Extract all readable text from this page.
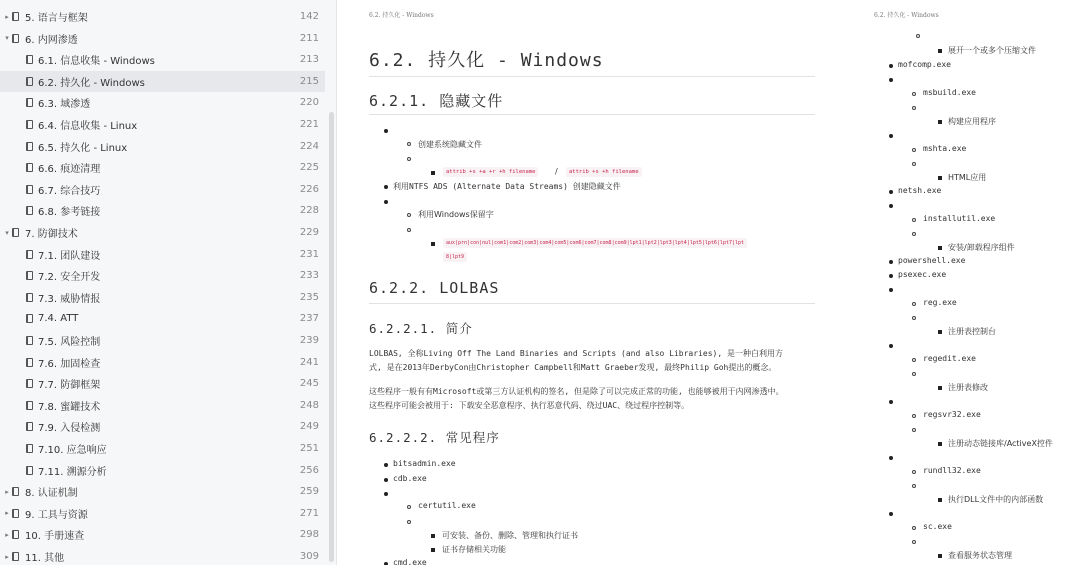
▸ 5. 语言与框架	142
▾ 6. 内网渗透	211
6.1. 信息收集 - Windows	213
6.2. 持久化 - Windows	215
6.3. 域渗透	220
6.4. 信息收集 - Linux	221
6.5. 持久化 - Linux	224
6.6. 痕迹清理	225
6.7. 综合技巧	226
6.8. 参考链接	228
▾ 7. 防御技术	229
7.1. 团队建设	231
7.2. 安全开发	233
7.3. 威胁情报	235
7.4. ATT	237
7.5. 风险控制	239
7.6. 加固检查	241
7.7. 防御框架	245
7.8. 蜜罐技术	248
7.9. 入侵检测	249
7.10. 应急响应	251
7.11. 溯源分析	256
▸ 8. 认证机制	259
▸ 9. 工具与资源	271
▸ 10. 手册速查	298
▸ 11. 其他	309
6.2. 持久化 - Windows
6.2. 持久化 - Windows
6.2.1. 隐藏文件
创建系统隐藏文件
attrib +s +a +r +h filename	/	attrib +s +h filename
利用NTFS ADS (Alternate Data Streams) 创建隐藏文件
利用Windows保留字
aux|prn|con|nul|com1|com2|com3|com4|com5|com6|com7|com8|com9|lpt1|lpt2|lpt3|lpt4|lpt5|lpt6|lpt7|lpt
8|lpt9
6.2.2. LOLBAS
6.2.2.1. 简介
LOLBAS, 全称Living Off The Land Binaries and Scripts (and also Libraries), 是一种白利用方
式, 是在2013年DerbyCon由Christopher Campbell和Matt Graeber发现, 最终Philip Goh提出的概念。
这些程序一般有有Microsoft或第三方认证机构的签名, 但是除了可以完成正常的功能, 也能够被用于内网渗透中。
这些程序可能会被用于: 下载安全恶意程序、执行恶意代码、绕过UAC、绕过程序控制等。
6.2.2.2. 常见程序
bitsadmin.exe
cdb.exe
certutil.exe
可安装、备份、删除、管理和执行证书
证书存储相关功能
cmd.exe
6.2. 持久化 - Windows
展开一个或多个压缩文件
mofcomp.exe
msbuild.exe
构建应用程序
mshta.exe
HTML应用
netsh.exe
installutil.exe
安装/卸载程序组件
powershell.exe
psexec.exe
reg.exe
注册表控制台
regedit.exe
注册表修改
regsvr32.exe
注册动态链接库/ActiveX控件
rundll32.exe
执行DLL文件中的内部函数
sc.exe
查看服务状态管理
